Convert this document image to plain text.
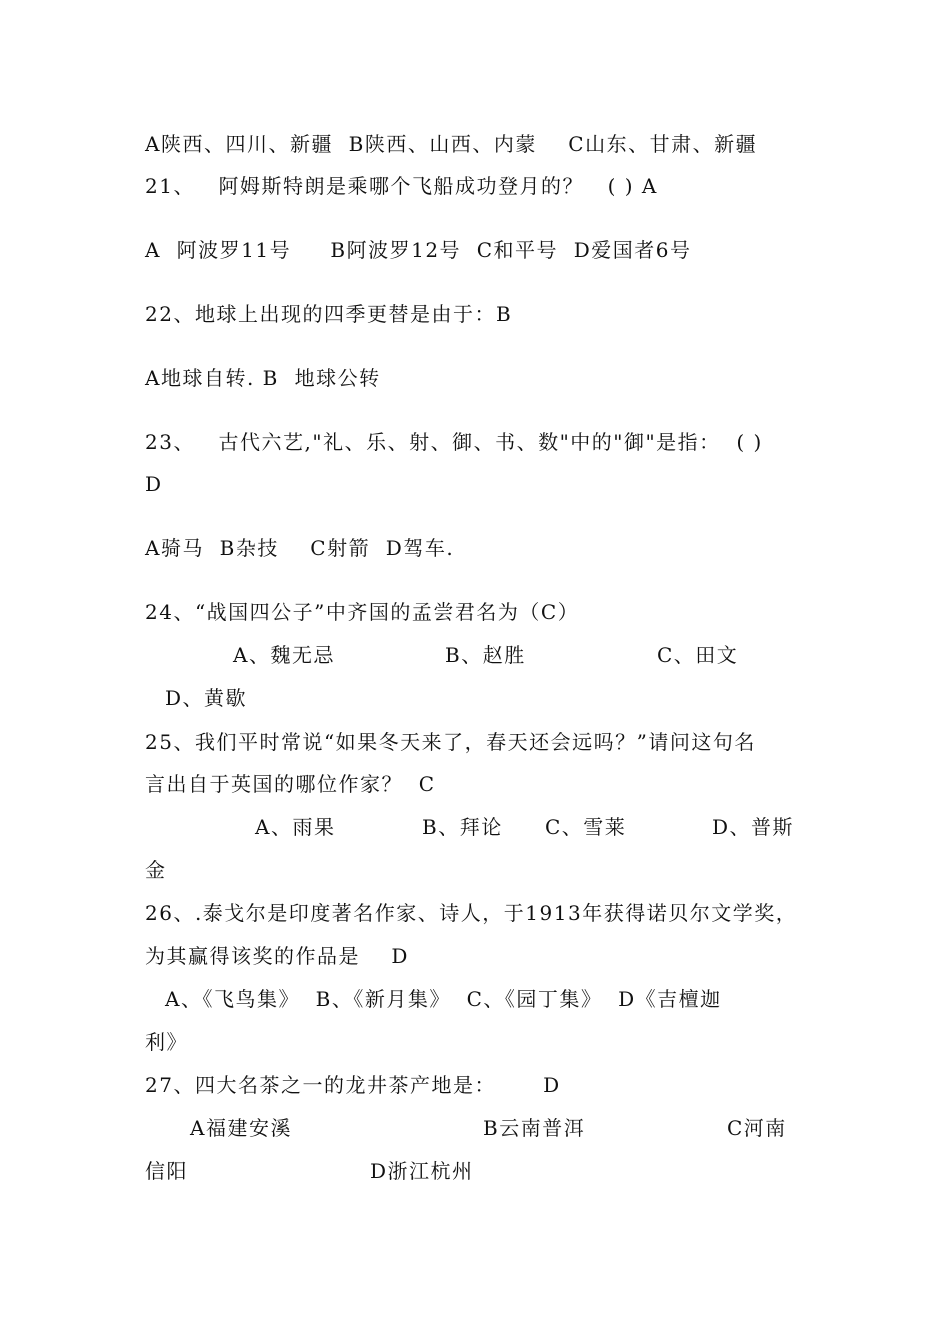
A陕西、四川、新疆  B陕西、山西、内蒙    C山东、甘肃、新疆
21、   阿姆斯特朗是乘哪个飞船成功登月的？   ( ) A
A  阿波罗11号     B阿波罗12号  C和平号  D爱国者6号
22、地球上出现的四季更替是由于：B
A地球自转. B  地球公转
23、   古代六艺,"礼、乐、射、御、书、数"中的"御"是指：  ( )
D
A骑马  B杂技    C射箭  D驾车.
24、“战国四公子”中齐国的孟尝君名为（C）
A、魏无忌	B、赵胜	C、田文
D、黄歇
25、我们平时常说“如果冬天来了，春天还会远吗？”请问这句名
言出自于英国的哪位作家？  C
A、雨果	B、拜论 C、雪莱	D、普斯
金
26、.泰戈尔是印度著名作家、诗人，于1913年获得诺贝尔文学奖，
为其赢得该奖的作品是    D
A、《飞鸟集》  B、《新月集》  C、《园丁集》  D《吉檀迦
利》
27、四大名茶之一的龙井茶产地是：      D
A福建安溪	B云南普洱	C河南
信阳	D浙江杭州
